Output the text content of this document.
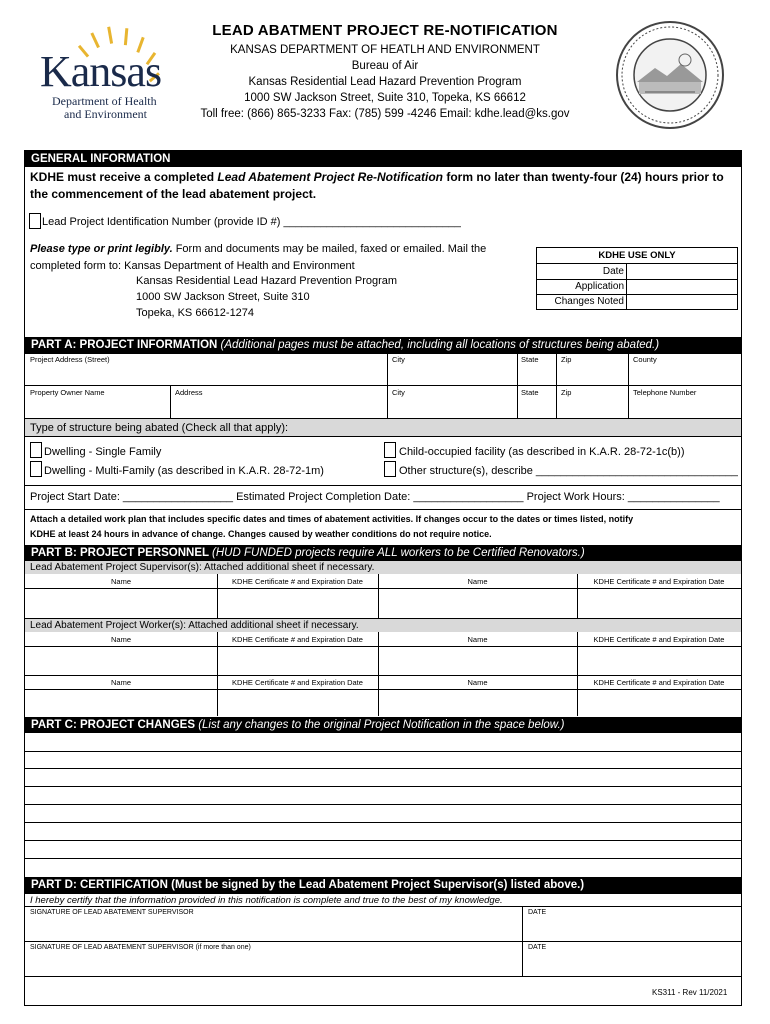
LEAD ABATMENT PROJECT RE-NOTIFICATION
KANSAS DEPARTMENT OF HEATLH AND ENVIRONMENT
Bureau of Air
Kansas Residential Lead Hazard Prevention Program
1000 SW Jackson Street, Suite 310, Topeka, KS 66612
Toll free: (866) 865-3233 Fax: (785) 599 -4246 Email: kdhe.lead@ks.gov
Kansas
Department of Health
and Environment
GENERAL INFORMATION
KDHE must receive a completed Lead Abatement Project Re-Notification form no later than twenty-four (24) hours prior to the commencement of the lead abatement project.
Lead Project Identification Number (provide ID #) _____________________________
Please type or print legibly. Form and documents may be mailed, faxed or emailed. Mail the
completed form to: Kansas Department of Health and Environment
Kansas Residential Lead Hazard Prevention Program
1000 SW Jackson Street, Suite 310
Topeka, KS 66612-1274
KDHE USE ONLY
Date
Application
Changes Noted
PART A: PROJECT INFORMATION (Additional pages must be attached, including all locations of structures being abated.)
Project Address (Street)	City	State	Zip	County
Property Owner Name	Address	City	State	Zip	Telephone Number
Type of structure being abated (Check all that apply):
Dwelling - Single Family
Dwelling - Multi-Family (as described in K.A.R. 28-72-1m)
Child-occupied facility (as described in K.A.R. 28-72-1c(b))
Other structure(s), describe _________________________________
Project Start Date: __________________ Estimated Project Completion Date: __________________ Project Work Hours: _______________
Attach a detailed work plan that includes specific dates and times of abatement activities. If changes occur to the dates or times listed, notify
KDHE at least 24 hours in advance of change. Changes caused by weather conditions do not require notice.
PART B: PROJECT PERSONNEL (HUD FUNDED projects require ALL workers to be Certified Renovators.)
Lead Abatement Project Supervisor(s): Attached additional sheet if necessary.
Name	KDHE Certificate # and Expiration Date	Name	KDHE Certificate # and Expiration Date
Lead Abatement Project Worker(s): Attached additional sheet if necessary.
Name	KDHE Certificate # and Expiration Date	Name	KDHE Certificate # and Expiration Date
Name	KDHE Certificate # and Expiration Date	Name	KDHE Certificate # and Expiration Date
PART C: PROJECT CHANGES (List any changes to the original Project Notification in the space below.)
PART D: CERTIFICATION (Must be signed by the Lead Abatement Project Supervisor(s) listed above.)
I hereby certify that the information provided in this notification is complete and true to the best of my knowledge.
SIGNATURE OF LEAD ABATEMENT SUPERVISOR	DATE
SIGNATURE OF LEAD ABATEMENT SUPERVISOR (if more than one)	DATE
KS311 - Rev 11/2021
